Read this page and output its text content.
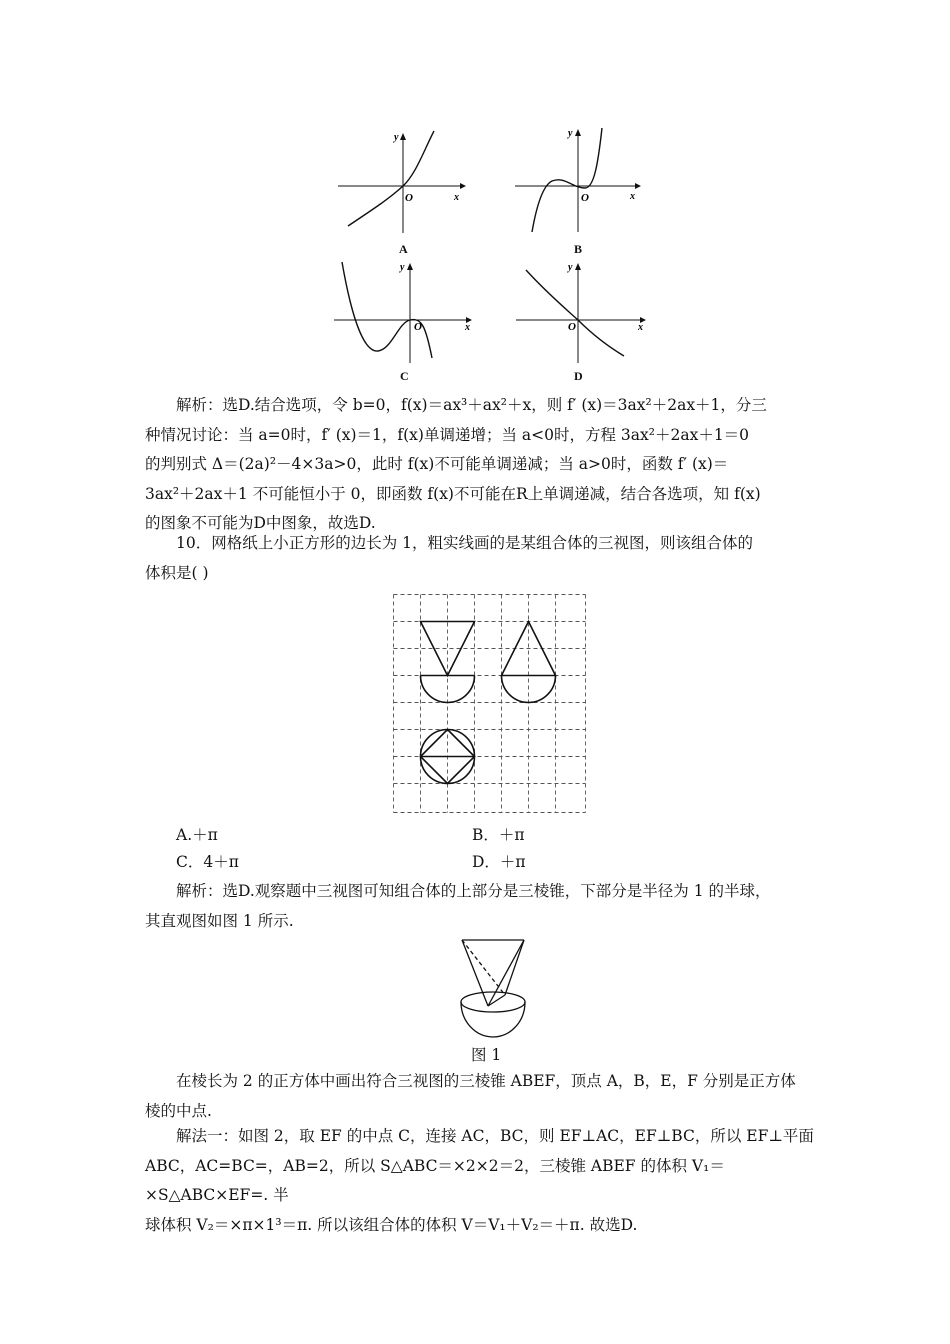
y
x
O
A
y
x
O
B
y
x
O
C
y
x
O
D

解析：选D.结合选项，令 b=0，f(x)＝ax³＋ax²＋x，则 f′ (x)＝3ax²＋2ax＋1，分三

种情况讨论：当 a=0时，f′ (x)＝1，f(x)单调递增；当 a<0时，方程 3ax²＋2ax＋1＝0

的判别式 Δ＝(2a)²－4×3a>0，此时 f(x)不可能单调递减；当 a>0时，函数 f′ (x)＝

3ax²＋2ax＋1 不可能恒小于 0，即函数 f(x)不可能在R上单调递减，结合各选项，知 f(x)

的图象不可能为D中图象，故选D.

10．网格纸上小正方形的边长为 1，粗实线画的是某组合体的三视图，则该组合体的

体积是( )

A.＋π	B．＋π
C．4＋π	D．＋π

解析：选D.观察题中三视图可知组合体的上部分是三棱锥，下部分是半径为 1 的半球，

其直观图如图 1 所示.

图 1

在棱长为 2 的正方体中画出符合三视图的三棱锥 ABEF，顶点 A，B，E，F 分别是正方体

棱的中点.

解法一：如图 2，取 EF 的中点 C，连接 AC，BC，则 EF⊥AC，EF⊥BC，所以 EF⊥平面

ABC，AC=BC=，AB=2，所以 S△ABC＝×2×2＝2，三棱锥 ABEF 的体积 V₁＝×S△ABC×EF=. 半

球体积 V₂＝×π×1³＝π. 所以该组合体的体积 V＝V₁＋V₂＝＋π. 故选D.
